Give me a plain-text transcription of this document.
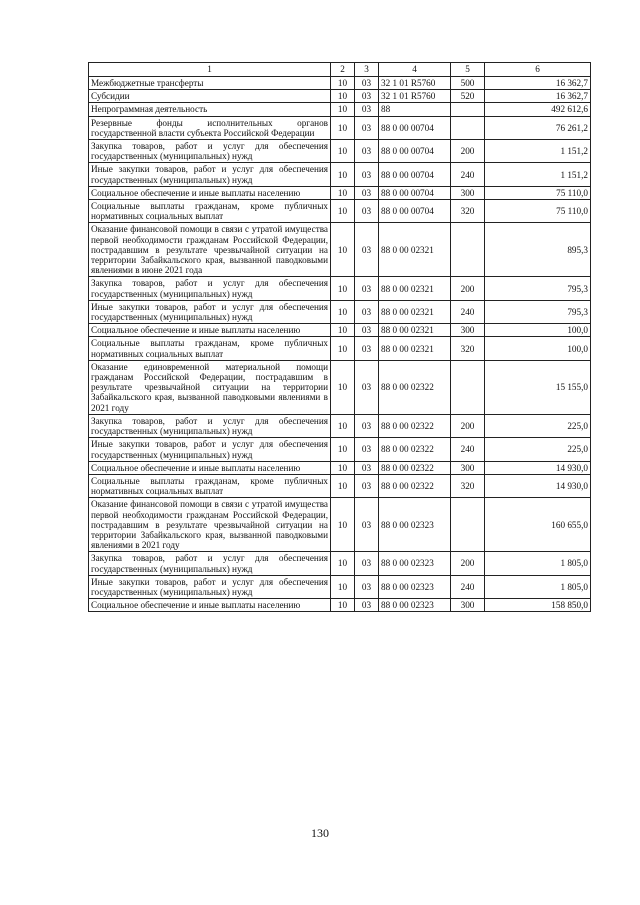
1	2	3	4	5	6
Межбюджетные трансферты	10	03	32 1 01 R5760	500	16 362,7
Субсидии	10	03	32 1 01 R5760	520	16 362,7
Непрограммная деятельность	10	03	88		492 612,6
Резервные фонды исполнительных органов государственной власти субъекта Российской Федерации	10	03	88 0 00 00704		76 261,2
Закупка товаров, работ и услуг для обеспечения государственных (муниципальных) нужд	10	03	88 0 00 00704	200	1 151,2
Иные закупки товаров, работ и услуг для обеспечения государственных (муниципальных) нужд	10	03	88 0 00 00704	240	1 151,2
Социальное обеспечение и иные выплаты населению	10	03	88 0 00 00704	300	75 110,0
Социальные выплаты гражданам, кроме публичных нормативных социальных выплат	10	03	88 0 00 00704	320	75 110,0
Оказание финансовой помощи в связи с утратой имущества первой необходимости гражданам Российской Федерации, пострадавшим в результате чрезвычайной ситуации на территории Забайкальского края, вызванной паводковыми явлениями в июне 2021 года	10	03	88 0 00 02321		895,3
Закупка товаров, работ и услуг для обеспечения государственных (муниципальных) нужд	10	03	88 0 00 02321	200	795,3
Иные закупки товаров, работ и услуг для обеспечения государственных (муниципальных) нужд	10	03	88 0 00 02321	240	795,3
Социальное обеспечение и иные выплаты населению	10	03	88 0 00 02321	300	100,0
Социальные выплаты гражданам, кроме публичных нормативных социальных выплат	10	03	88 0 00 02321	320	100,0
Оказание единовременной материальной помощи гражданам Российской Федерации, пострадавшим в результате чрезвычайной ситуации на территории Забайкальского края, вызванной паводковыми явлениями в 2021 году	10	03	88 0 00 02322		15 155,0
Закупка товаров, работ и услуг для обеспечения государственных (муниципальных) нужд	10	03	88 0 00 02322	200	225,0
Иные закупки товаров, работ и услуг для обеспечения государственных (муниципальных) нужд	10	03	88 0 00 02322	240	225,0
Социальное обеспечение и иные выплаты населению	10	03	88 0 00 02322	300	14 930,0
Социальные выплаты гражданам, кроме публичных нормативных социальных выплат	10	03	88 0 00 02322	320	14 930,0
Оказание финансовой помощи в связи с утратой имущества первой необходимости гражданам Российской Федерации, пострадавшим в результате чрезвычайной ситуации на территории Забайкальского края, вызванной паводковыми явлениями в 2021 году	10	03	88 0 00 02323		160 655,0
Закупка товаров, работ и услуг для обеспечения государственных (муниципальных) нужд	10	03	88 0 00 02323	200	1 805,0
Иные закупки товаров, работ и услуг для обеспечения государственных (муниципальных) нужд	10	03	88 0 00 02323	240	1 805,0
Социальное обеспечение и иные выплаты населению	10	03	88 0 00 02323	300	158 850,0
130
